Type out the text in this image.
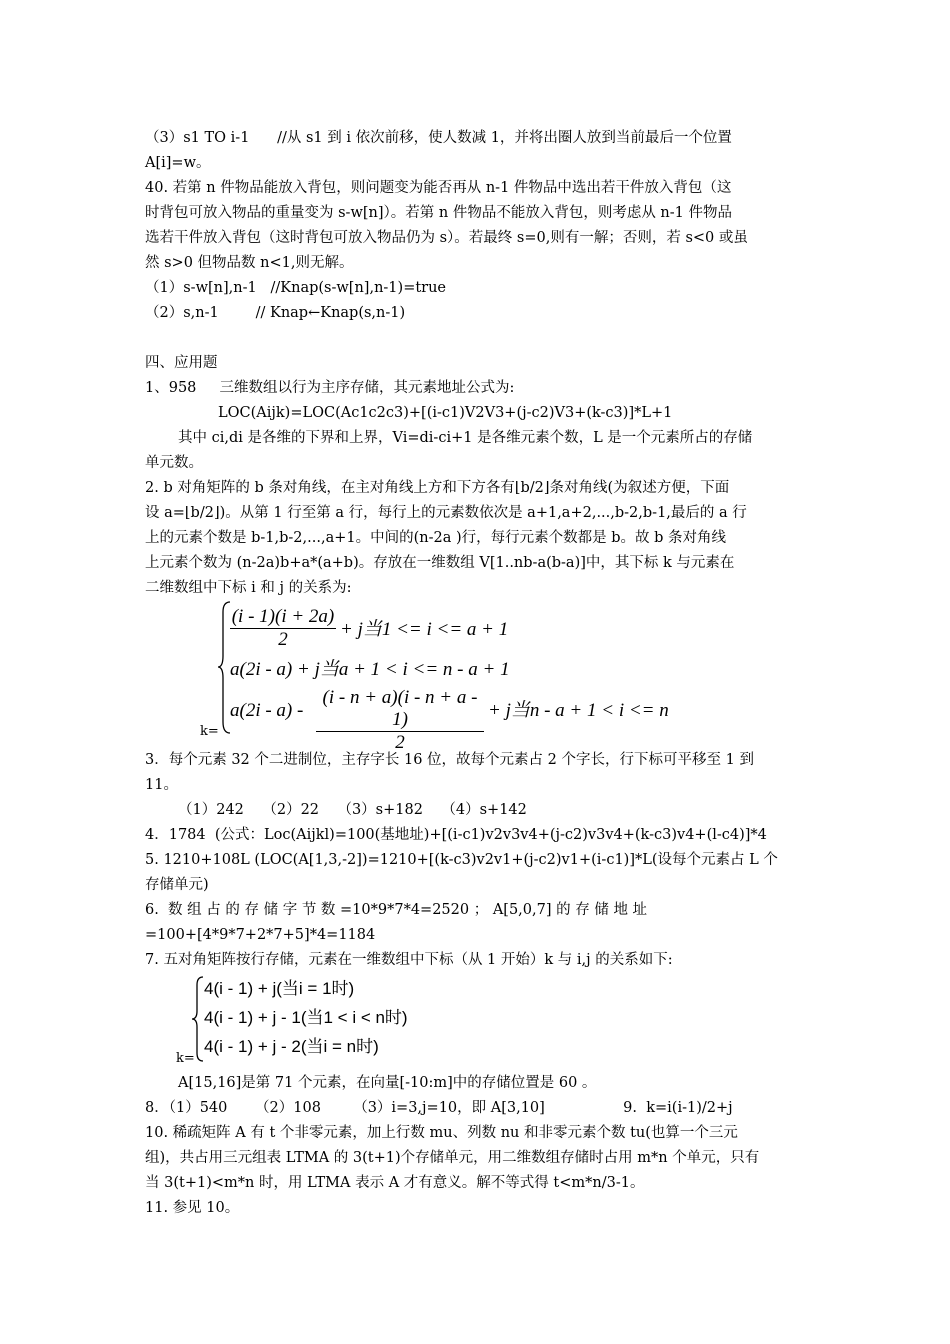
（3）s1 TO i-1      //从 s1 到 i 依次前移，使人数减 1，并将出圈人放到当前最后一个位置
A[i]=w。
40. 若第 n 件物品能放入背包，则问题变为能否再从 n-1 件物品中选出若干件放入背包（这
时背包可放入物品的重量变为 s-w[n]）。若第 n 件物品不能放入背包，则考虑从 n-1 件物品
选若干件放入背包（这时背包可放入物品仍为 s）。若最终 s=0,则有一解；否则，若 s<0 或虽
然 s>0 但物品数 n<1,则无解。
（1）s-w[n],n-1   //Knap(s-w[n],n-1)=true
（2）s,n-1        // Knap←Knap(s,n-1)
四、应用题
1、958     三维数组以行为主序存储，其元素地址公式为:
LOC(Aijk)=LOC(Ac1c2c3)+[(i-c1)V2V3+(j-c2)V3+(k-c3)]*L+1
其中 ci,di 是各维的下界和上界，Vi=di-ci+1 是各维元素个数，L 是一个元素所占的存储
单元数。
2. b 对角矩阵的 b 条对角线，在主对角线上方和下方各有⌊b/2⌋条对角线(为叙述方便，下面
设 a=⌊b/2⌋)。从第 1 行至第 a 行，每行上的元素数依次是 a+1,a+2,...,b-2,b-1,最后的 a 行
上的元素个数是 b-1,b-2,...,a+1。中间的(n-2a )行，每行元素个数都是 b。故 b 条对角线
上元素个数为 (n-2a)b+a*(a+b)。存放在一维数组 V[1..nb-a(b-a)]中，其下标 k 与元素在
二维数组中下标 i 和 j 的关系为:
k=
$\frac{(i - 1)(i + 2a)}{2} + j$当1 <= i <= a + 1
a(2i - a) + j当a + 1 < i <= n - a + 1
$a(2i - a) - \frac{(i - n + a)(i - n + a - 1)}{2} + j$当n - a + 1 < i <= n
3．每个元素 32 个二进制位，主存字长 16 位，故每个元素占 2 个字长，行下标可平移至 1 到
11。
（1）242    （2）22    （3）s+182    （4）s+142
4．1784  (公式：Loc(Aijkl)=100(基地址)+[(i-c1)v2v3v4+(j-c2)v3v4+(k-c3)v4+(l-c4)]*4
5. 1210+108L (LOC(A[1,3,-2])=1210+[(k-c3)v2v1+(j-c2)v1+(i-c1)]*L(设每个元素占 L 个
存储单元)
6.  数 组 占 的 存 储 字 节 数 =10*9*7*4=2520 ； A[5,0,7] 的 存 储 地 址
=100+[4*9*7+2*7+5]*4=1184
7. 五对角矩阵按行存储，元素在一维数组中下标（从 1 开始）k 与 i,j 的关系如下:
k=
4(i - 1) + j(当i = 1时)
4(i - 1) + j - 1(当1 < i < n时)
4(i - 1) + j - 2(当i = n时)
A[15,16]是第 71 个元素，在向量[-10:m]中的存储位置是 60 。
8．（1）540      （2）108       （3）i=3,j=10，即 A[3,10]                 9.  k=i(i-1)/2+j
10. 稀疏矩阵 A 有 t 个非零元素，加上行数 mu、列数 nu 和非零元素个数 tu(也算一个三元
组)，共占用三元组表 LTMA 的 3(t+1)个存储单元，用二维数组存储时占用 m*n 个单元，只有
当 3(t+1)<m*n 时，用 LTMA 表示 A 才有意义。解不等式得 t<m*n/3-1。
11. 参见 10。
